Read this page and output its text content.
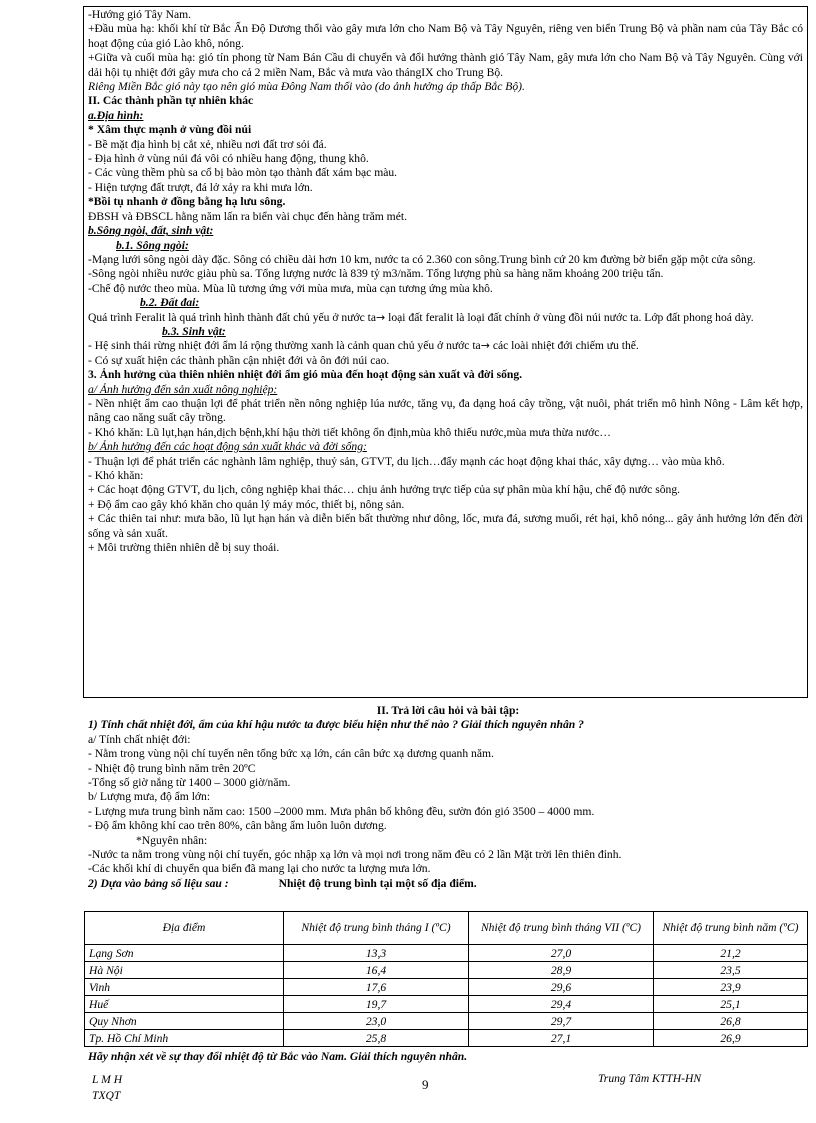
-Hướng gió Tây Nam.

+Đầu mùa hạ: khối khí từ Bắc Ấn Độ Dương thổi vào gây mưa lớn cho Nam Bộ và Tây Nguyên, riêng ven biển Trung Bộ và phần nam của Tây Bắc có hoạt động của gió Lào khô, nóng.

+Giữa và cuối mùa hạ: gió tín phong từ Nam Bán Cầu di chuyển và đổi hướng thành gió Tây Nam, gây mưa lớn cho Nam Bộ và Tây Nguyên. Cùng với dải hội tụ nhiệt đới gây mưa cho cả 2 miền Nam, Bắc và mưa vào thángIX cho Trung Bộ.

Riêng Miền Bắc gió này tạo nên gió mùa Đông Nam thổi vào (do ảnh hưởng áp thấp Bắc Bộ).

II. Các thành phần tự nhiên khác

a.Địa hình:

* Xâm thực mạnh ở vùng đồi núi

- Bề mặt địa hình bị cắt xẻ, nhiều nơi đất trơ sỏi đá.

- Địa hình ở vùng núi đá vôi có nhiều hang động, thung khô.

- Các vùng thềm phù sa cổ bị bào mòn tạo thành đất xám bạc màu.

- Hiện tượng đất trượt, đá lở xảy ra khi mưa lớn.

*Bồi tụ nhanh ở đồng bằng hạ lưu sông.

ĐBSH và ĐBSCL hằng năm lấn ra biển vài chục đến hàng trăm mét.

b.Sông ngòi, đất, sinh vật:

b.1. Sông ngòi:

-Mạng lưới sông ngòi dày đặc. Sông có chiều dài hơn 10 km, nước ta có 2.360 con sông.Trung bình cứ 20 km đường bờ biển gặp một cửa sông.

-Sông ngòi nhiều nước giàu phù sa. Tổng lượng nước là 839 tỷ m3/năm. Tổng lượng phù sa hàng năm khoảng 200 triệu tấn.

-Chế độ nước theo mùa. Mùa lũ tương ứng với mùa mưa, mùa cạn tương ứng mùa khô.

b.2. Đất đai:

Quá trình Feralit là quá trình hình thành đất chủ yếu ở nước ta→ loại đất feralit là loại đất chính ở vùng đồi núi nước ta. Lớp đất phong hoá dày.

b.3. Sinh vật:

- Hệ sinh thái rừng nhiệt đới ẩm lá rộng thường xanh là cảnh quan chủ yếu ở nước ta→ các loài nhiệt đới chiếm ưu thế.

- Có sự xuất hiện các thành phần cận nhiệt đới và ôn đới núi cao.

3. Ảnh hưởng của thiên nhiên nhiệt đới ẩm gió mùa đến hoạt động sản xuất và đời sống.

a/ Ảnh hưởng đến sản xuất nông nghiệp:

- Nền nhiệt ẩm cao thuận lợi để phát triển nền nông nghiệp lúa nước, tăng vụ, đa dạng hoá cây trồng, vật nuôi, phát triển mô hình Nông - Lâm kết hợp, nâng cao năng suất cây trồng.

- Khó khăn: Lũ lụt,hạn hán,dịch bệnh,khí hậu thời tiết không ổn định,mùa khô thiếu nước,mùa mưa thừa nước…

b/ Ảnh hưởng đến các hoạt động sản xuất khác và đời sống:

- Thuận lợi để phát triển các nghành lâm nghiệp, thuỷ sản, GTVT, du lịch…đẩy mạnh các hoạt động khai thác, xây dựng… vào mùa khô.

- Khó khăn:

+ Các hoạt động GTVT, du lịch, công nghiệp khai thác… chịu ảnh hưởng trực tiếp của sự phân mùa khí hậu, chế độ nước sông.

+ Độ ẩm cao gây khó khăn cho quản lý máy móc, thiết bị, nông sản.

+ Các thiên tai như: mưa bão, lũ lụt hạn hán và diễn biến bất thường như dông, lốc, mưa đá, sương muối, rét hại, khô nóng... gây ảnh hưởng lớn đến đời sống và sản xuất.

+ Môi trường thiên nhiên dễ bị suy thoái.

II. Trả lời câu hỏi và bài tập:

1) Tính chất nhiệt đới, ẩm của khí hậu nước ta được biểu hiện như thế nào ? Giải thích nguyên nhân ?

a/ Tính chất nhiệt đới:

- Nằm trong vùng nội chí tuyến nên tổng bức xạ lớn, cán cân bức xạ dương quanh năm.

- Nhiệt độ trung bình năm trên 20ºC

-Tổng số giờ nắng từ 1400 – 3000 giờ/năm.

b/ Lượng mưa, độ ẩm lớn:

- Lượng mưa trung bình năm cao: 1500 –2000 mm. Mưa phân bố không đều, sườn đón gió 3500 – 4000 mm.

- Độ ẩm không khí cao trên 80%, cân bằng ẩm luôn luôn dương.

*Nguyên nhân:

-Nước ta nằm trong vùng nội chí tuyến, góc nhập xạ lớn và mọi nơi trong năm đều có 2 lần Mặt trời lên thiên đỉnh.

-Các khối khí di chuyển qua biển đã mang lại cho nước ta lượng mưa lớn.

2) Dựa vào bảng số liệu sau :	Nhiệt độ trung bình tại một số địa điểm.

Địa điểm	Nhiệt độ trung bình tháng I (ºC)	Nhiệt độ trung bình tháng VII (ºC)	Nhiệt độ trung bình năm (ºC)
Lạng Sơn	13,3	27,0	21,2
Hà Nội	16,4	28,9	23,5
Vinh	17,6	29,6	23,9
Huế	19,7	29,4	25,1
Quy Nhơn	23,0	29,7	26,8
Tp. Hồ Chí Minh	25,8	27,1	26,9

Hãy nhận xét về sự thay đổi nhiệt độ từ Bắc vào Nam. Giải thích nguyên nhân.

L M H
TXQT
9	Trung Tâm KTTH-HN
